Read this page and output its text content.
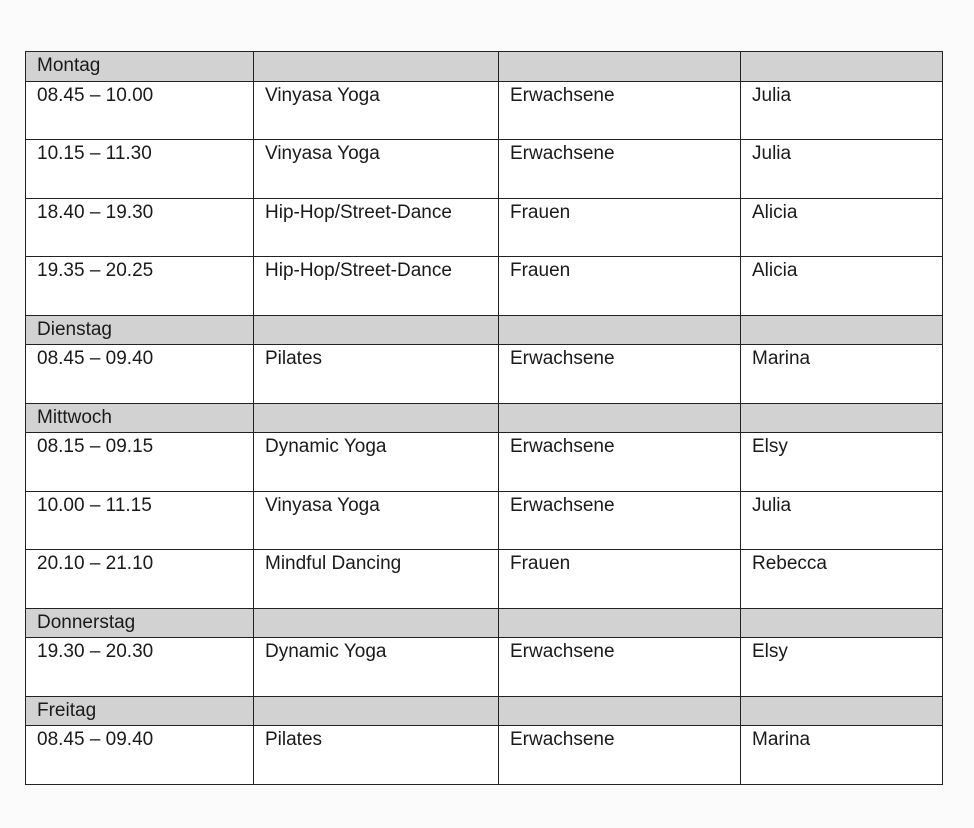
Montag			
08.45 – 10.00	Vinyasa Yoga	Erwachsene	Julia
10.15 – 11.30	Vinyasa Yoga	Erwachsene	Julia
18.40 – 19.30	Hip-Hop/Street-Dance	Frauen	Alicia
19.35 – 20.25	Hip-Hop/Street-Dance	Frauen	Alicia
Dienstag			
08.45 – 09.40	Pilates	Erwachsene	Marina
Mittwoch			
08.15 – 09.15	Dynamic Yoga	Erwachsene	Elsy
10.00 – 11.15	Vinyasa Yoga	Erwachsene	Julia
20.10 – 21.10	Mindful Dancing	Frauen	Rebecca
Donnerstag			
19.30 – 20.30	Dynamic Yoga	Erwachsene	Elsy
Freitag			
08.45 – 09.40	Pilates	Erwachsene	Marina
